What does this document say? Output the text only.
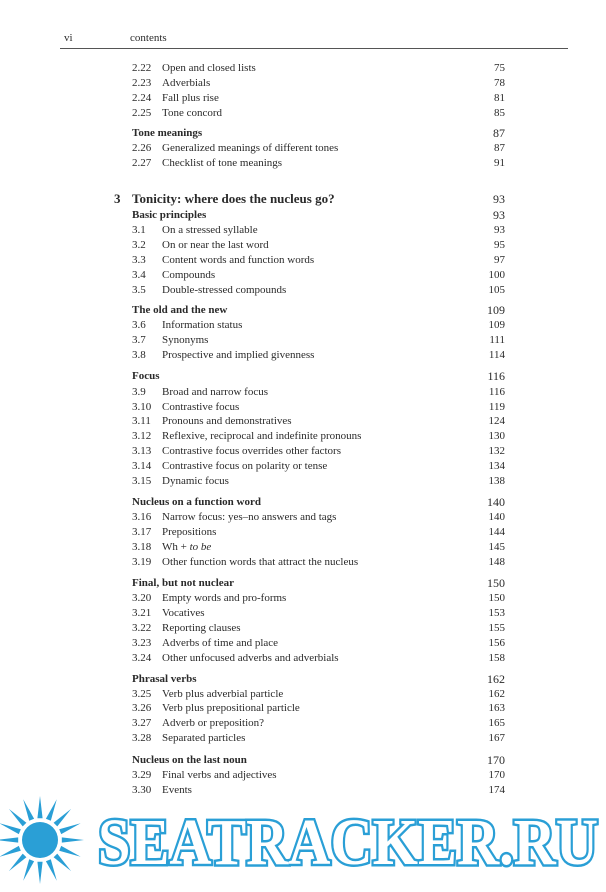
vi	contents
2.22 Open and closed lists	75
2.23 Adverbials	78
2.24 Fall plus rise	81
2.25 Tone concord	85
Tone meanings	87
2.26 Generalized meanings of different tones	87
2.27 Checklist of tone meanings	91
3 Tonicity: where does the nucleus go?	93
Basic principles	93
3.1 On a stressed syllable	93
3.2 On or near the last word	95
3.3 Content words and function words	97
3.4 Compounds	100
3.5 Double-stressed compounds	105
The old and the new	109
3.6 Information status	109
3.7 Synonyms	111
3.8 Prospective and implied givenness	114
Focus	116
3.9 Broad and narrow focus	116
3.10 Contrastive focus	119
3.11 Pronouns and demonstratives	124
3.12 Reflexive, reciprocal and indefinite pronouns	130
3.13 Contrastive focus overrides other factors	132
3.14 Contrastive focus on polarity or tense	134
3.15 Dynamic focus	138
Nucleus on a function word	140
3.16 Narrow focus: yes–no answers and tags	140
3.17 Prepositions	144
3.18 Wh + to be	145
3.19 Other function words that attract the nucleus	148
Final, but not nuclear	150
3.20 Empty words and pro-forms	150
3.21 Vocatives	153
3.22 Reporting clauses	155
3.23 Adverbs of time and place	156
3.24 Other unfocused adverbs and adverbials	158
Phrasal verbs	162
3.25 Verb plus adverbial particle	162
3.26 Verb plus prepositional particle	163
3.27 Adverb or preposition?	165
3.28 Separated particles	167
Nucleus on the last noun	170
3.29 Final verbs and adjectives	170
3.30 Events	174
SEATRACKER.RU
